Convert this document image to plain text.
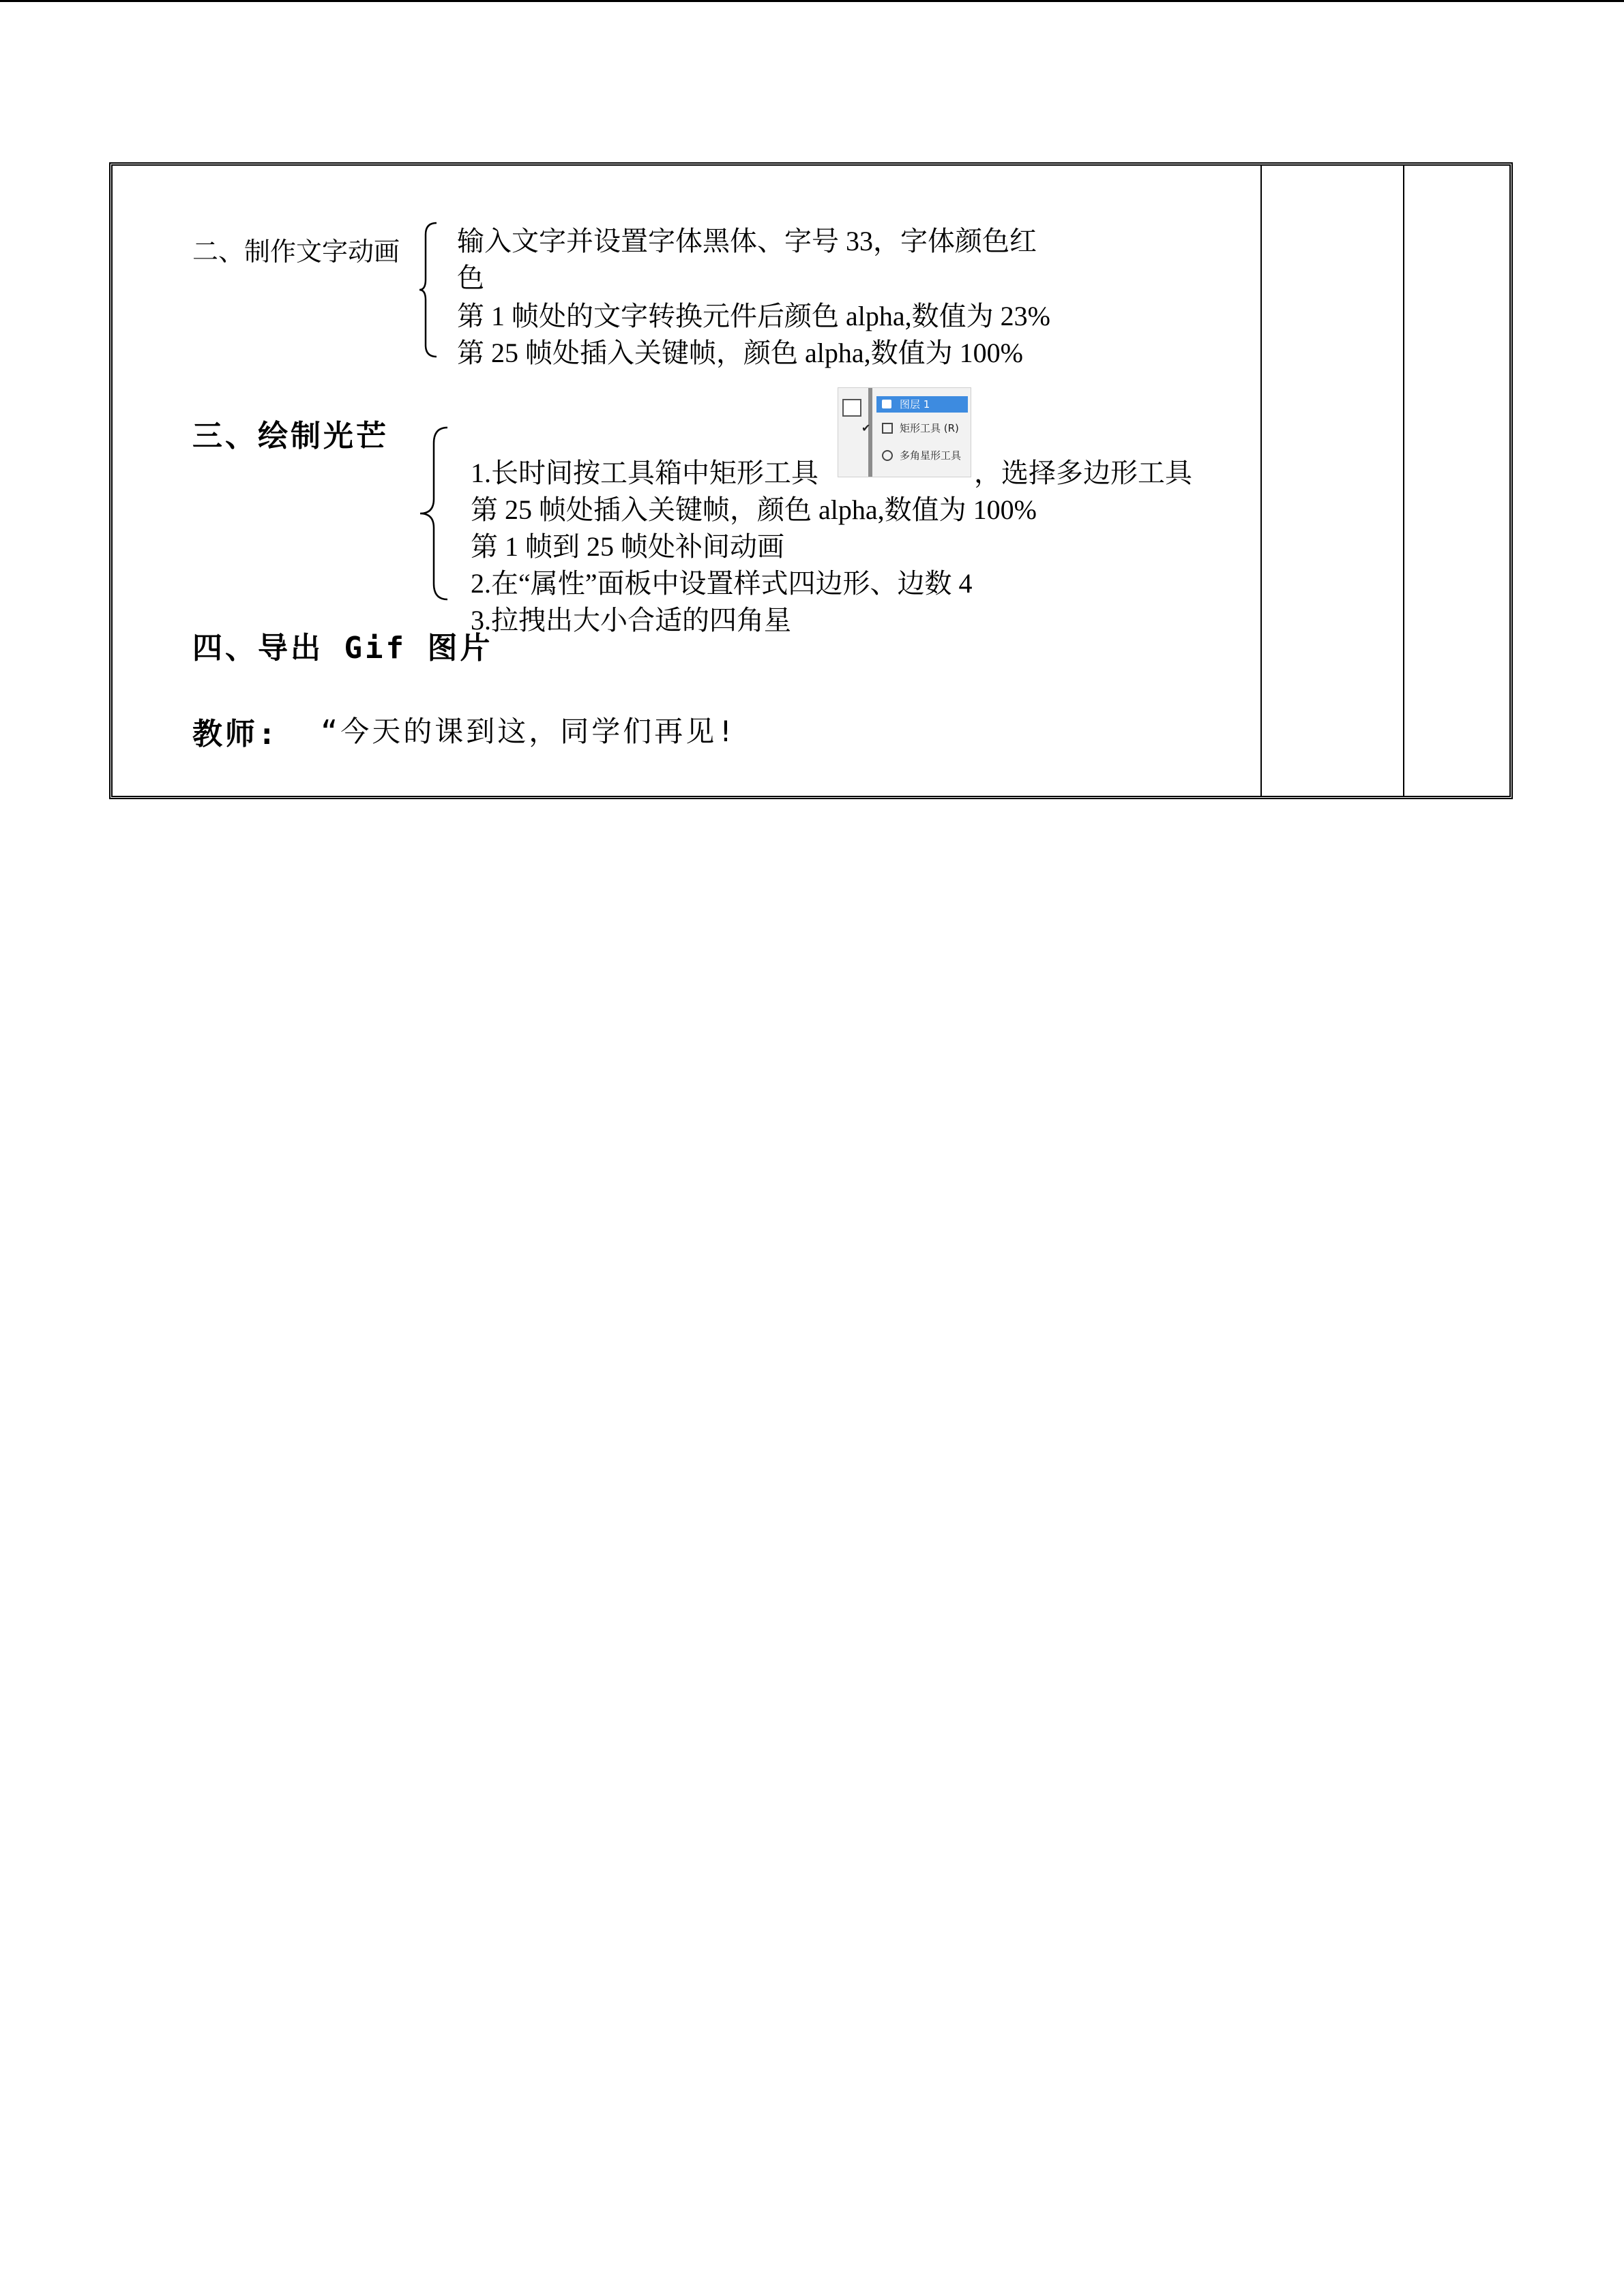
二、制作文字动画 输入文字并设置字体黑体、字号 33，字体颜色红
色
第 1 帧处的文字转换元件后颜色 alpha,数值为 23%
第 25 帧处插入关键帧，颜色 alpha,数值为 100%
三、绘制光芒
1.长时间按工具箱中矩形工具
图层 1
✔	矩形工具 (R)
多角星形工具
，选择多边形工具
第 25 帧处插入关键帧，颜色 alpha,数值为 100%
第 1 帧到 25 帧处补间动画
2.在“属性”面板中设置样式四边形、边数 4
3.拉拽出大小合适的四角星
四、导出 Gif 图片
教师: “今天的课到这，同学们再见!
